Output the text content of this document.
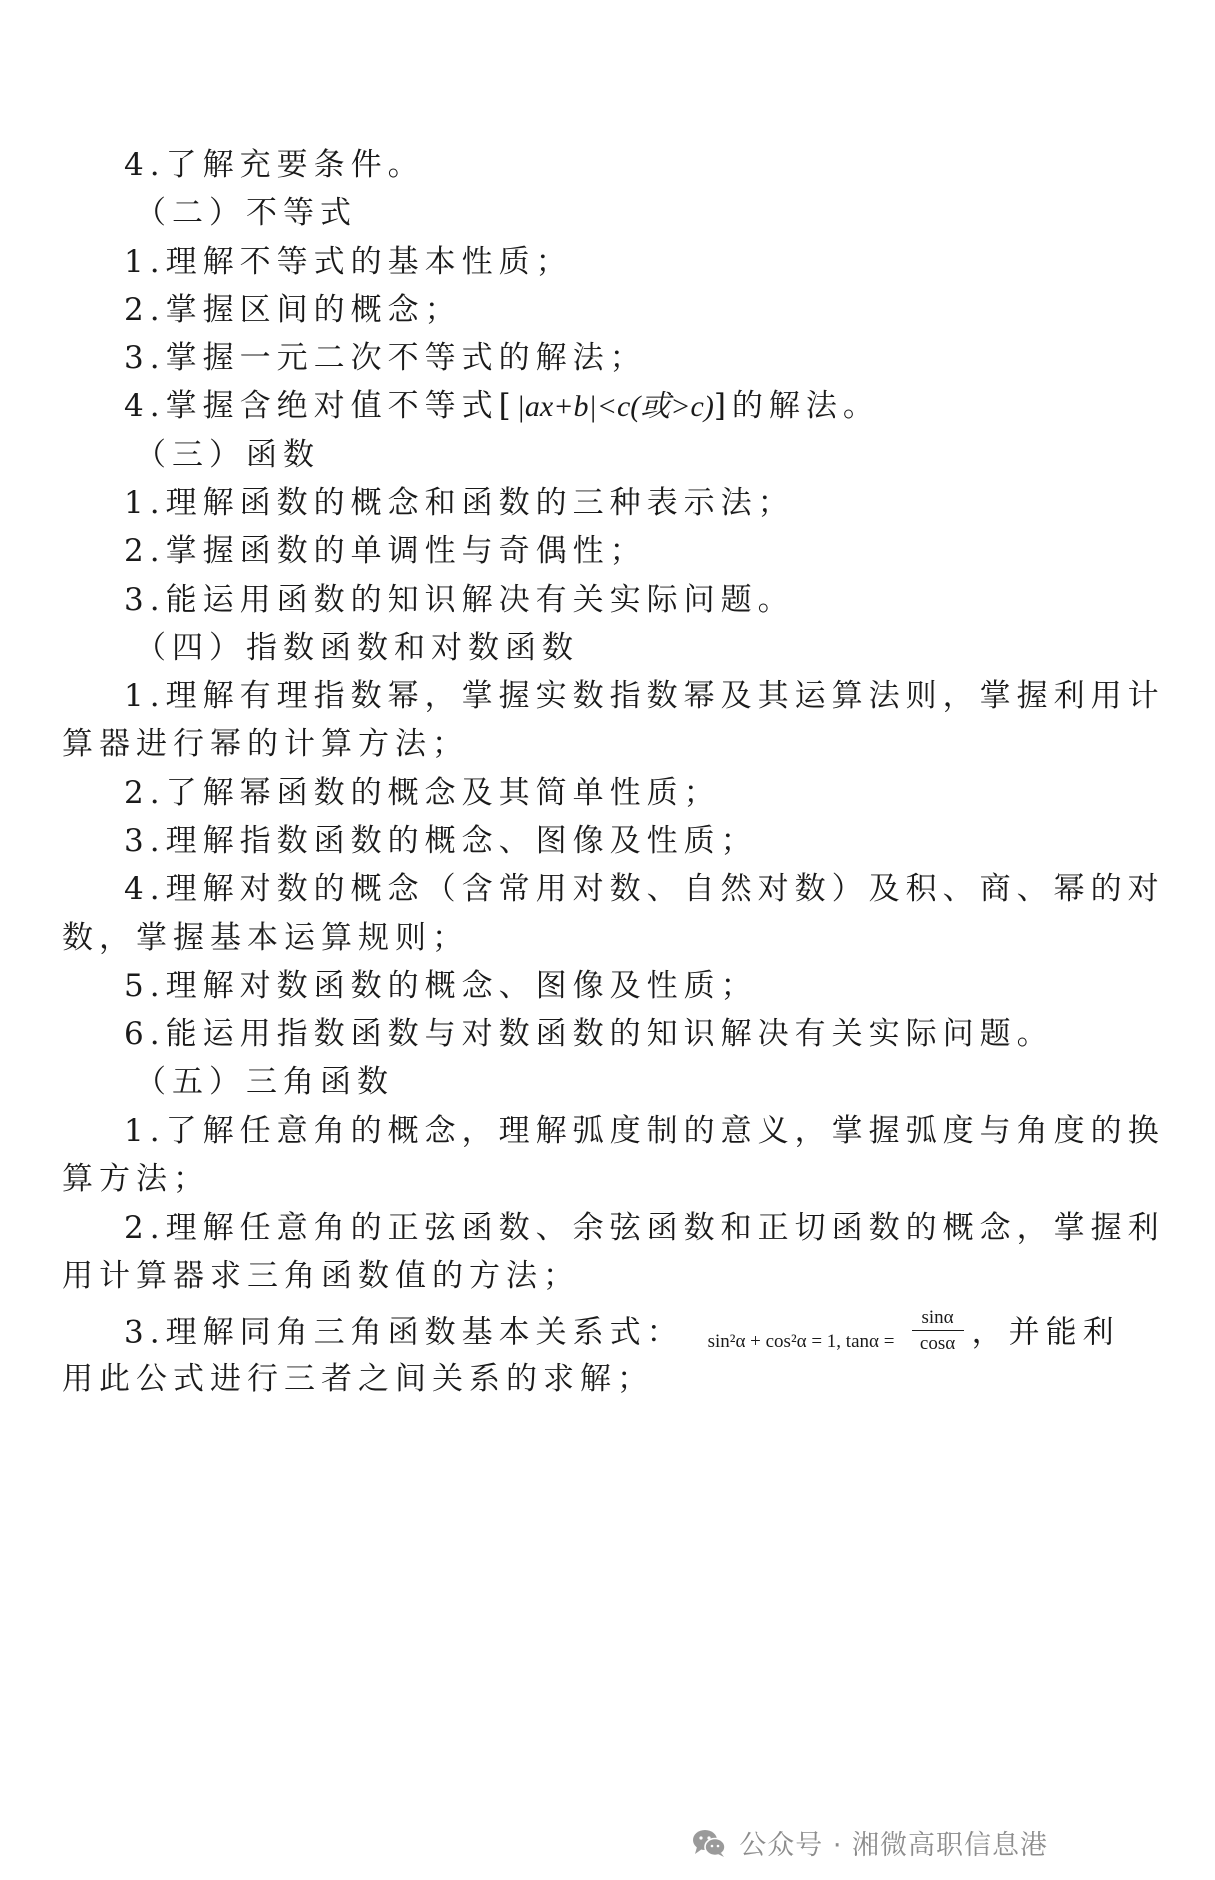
4.了解充要条件。
（二）不等式
1.理解不等式的基本性质；
2.掌握区间的概念；
3.掌握一元二次不等式的解法；
4.掌握含绝对值不等式[|ax+b|<c(或>c)]的解法。
（三）函数
1.理解函数的概念和函数的三种表示法；
2.掌握函数的单调性与奇偶性；
3.能运用函数的知识解决有关实际问题。
（四）指数函数和对数函数
1.理解有理指数幂，掌握实数指数幂及其运算法则，掌握利用计
算器进行幂的计算方法；
2.了解幂函数的概念及其简单性质；
3.理解指数函数的概念、图像及性质；
4.理解对数的概念（含常用对数、自然对数）及积、商、幂的对
数，掌握基本运算规则；
5.理解对数函数的概念、图像及性质；
6.能运用指数函数与对数函数的知识解决有关实际问题。
（五）三角函数
1.了解任意角的概念，理解弧度制的意义，掌握弧度与角度的换
算方法；
2.理解任意角的正弦函数、余弦函数和正切函数的概念，掌握利
用计算器求三角函数值的方法；
3.理解同角三角函数基本关系式： sin²α + cos²α = 1, $\tan\alpha = \frac{\sin\alpha}{\cos\alpha}$ ，并能利
用此公式进行三者之间关系的求解；
公众号 · 湘微高职信息港
